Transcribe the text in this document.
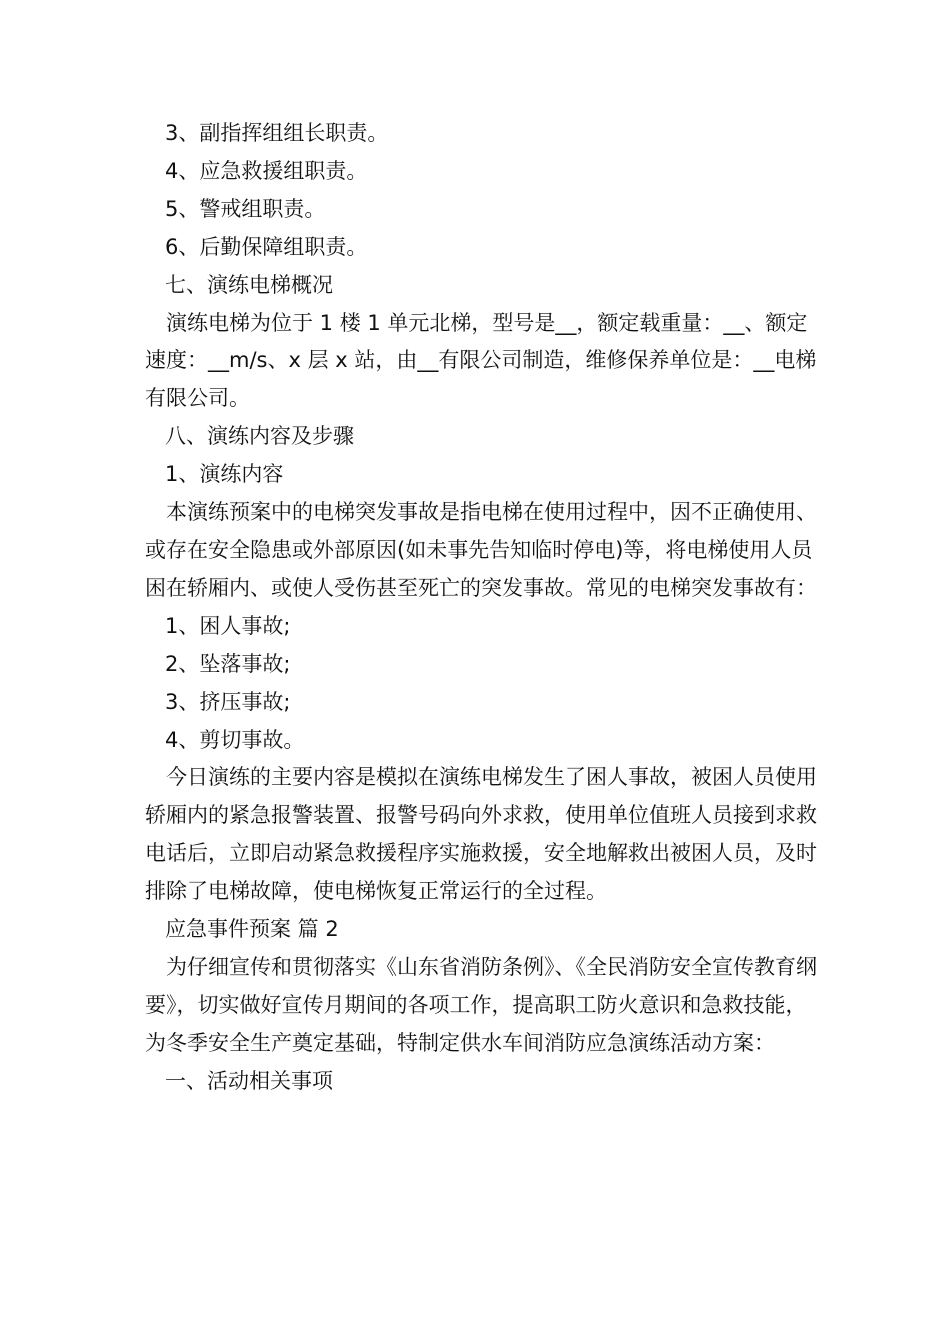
3、副指挥组组长职责。

4、应急救援组职责。

5、警戒组职责。

6、后勤保障组职责。

七、演练电梯概况

演练电梯为位于 1 楼 1 单元北梯，型号是__，额定载重量：__、额定速度：__m/s、x 层 x 站，由__有限公司制造，维修保养单位是：__电梯有限公司。

八、演练内容及步骤

1、演练内容

本演练预案中的电梯突发事故是指电梯在使用过程中，因不正确使用、或存在安全隐患或外部原因(如未事先告知临时停电)等，将电梯使用人员困在轿厢内、或使人受伤甚至死亡的突发事故。常见的电梯突发事故有：

1、困人事故;

2、坠落事故;

3、挤压事故;

4、剪切事故。

今日演练的主要内容是模拟在演练电梯发生了困人事故，被困人员使用轿厢内的紧急报警装置、报警号码向外求救，使用单位值班人员接到求救电话后，立即启动紧急救援程序实施救援，安全地解救出被困人员，及时排除了电梯故障，使电梯恢复正常运行的全过程。

应急事件预案 篇 2

为仔细宣传和贯彻落实《山东省消防条例》、《全民消防安全宣传教育纲要》，切实做好宣传月期间的各项工作，提高职工防火意识和急救技能，为冬季安全生产奠定基础，特制定供水车间消防应急演练活动方案：

一、活动相关事项
